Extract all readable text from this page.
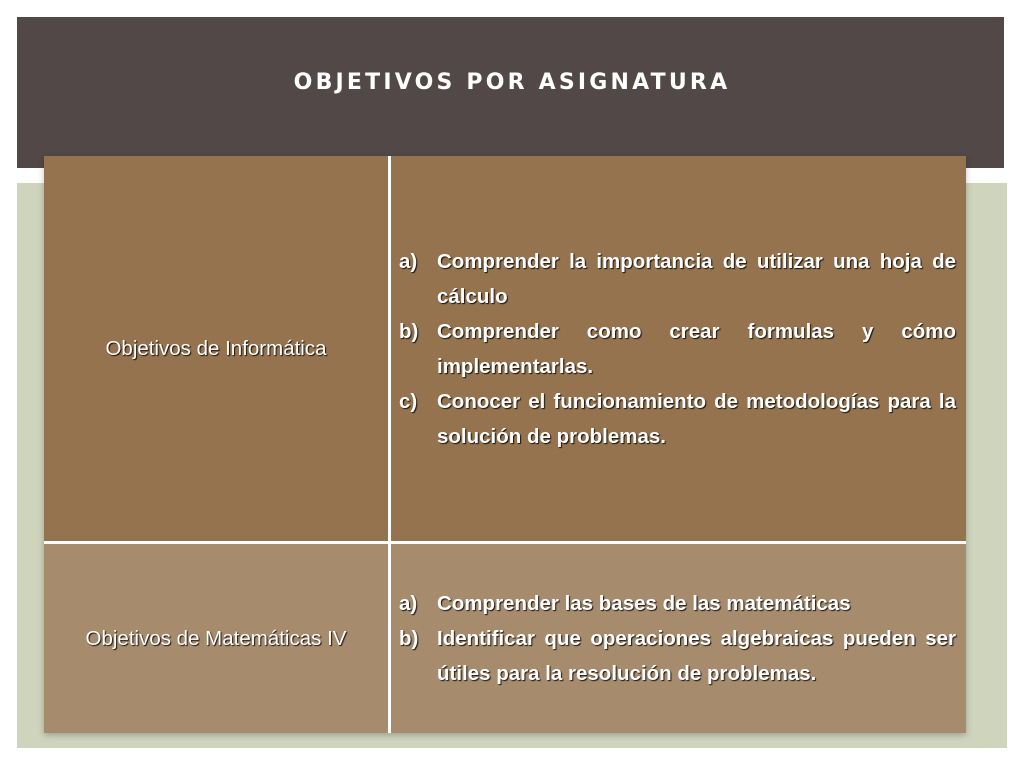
OBJETIVOS POR ASIGNATURA
Objetivos de Informática
a) Comprender la importancia de utilizar una hoja de cálculo
b) Comprender como crear formulas y cómo implementarlas.
c) Conocer el funcionamiento de metodologías para la solución de problemas.
Objetivos de Matemáticas IV
a) Comprender las bases de las matemáticas
b) Identificar que operaciones algebraicas pueden ser útiles para la resolución de problemas.
